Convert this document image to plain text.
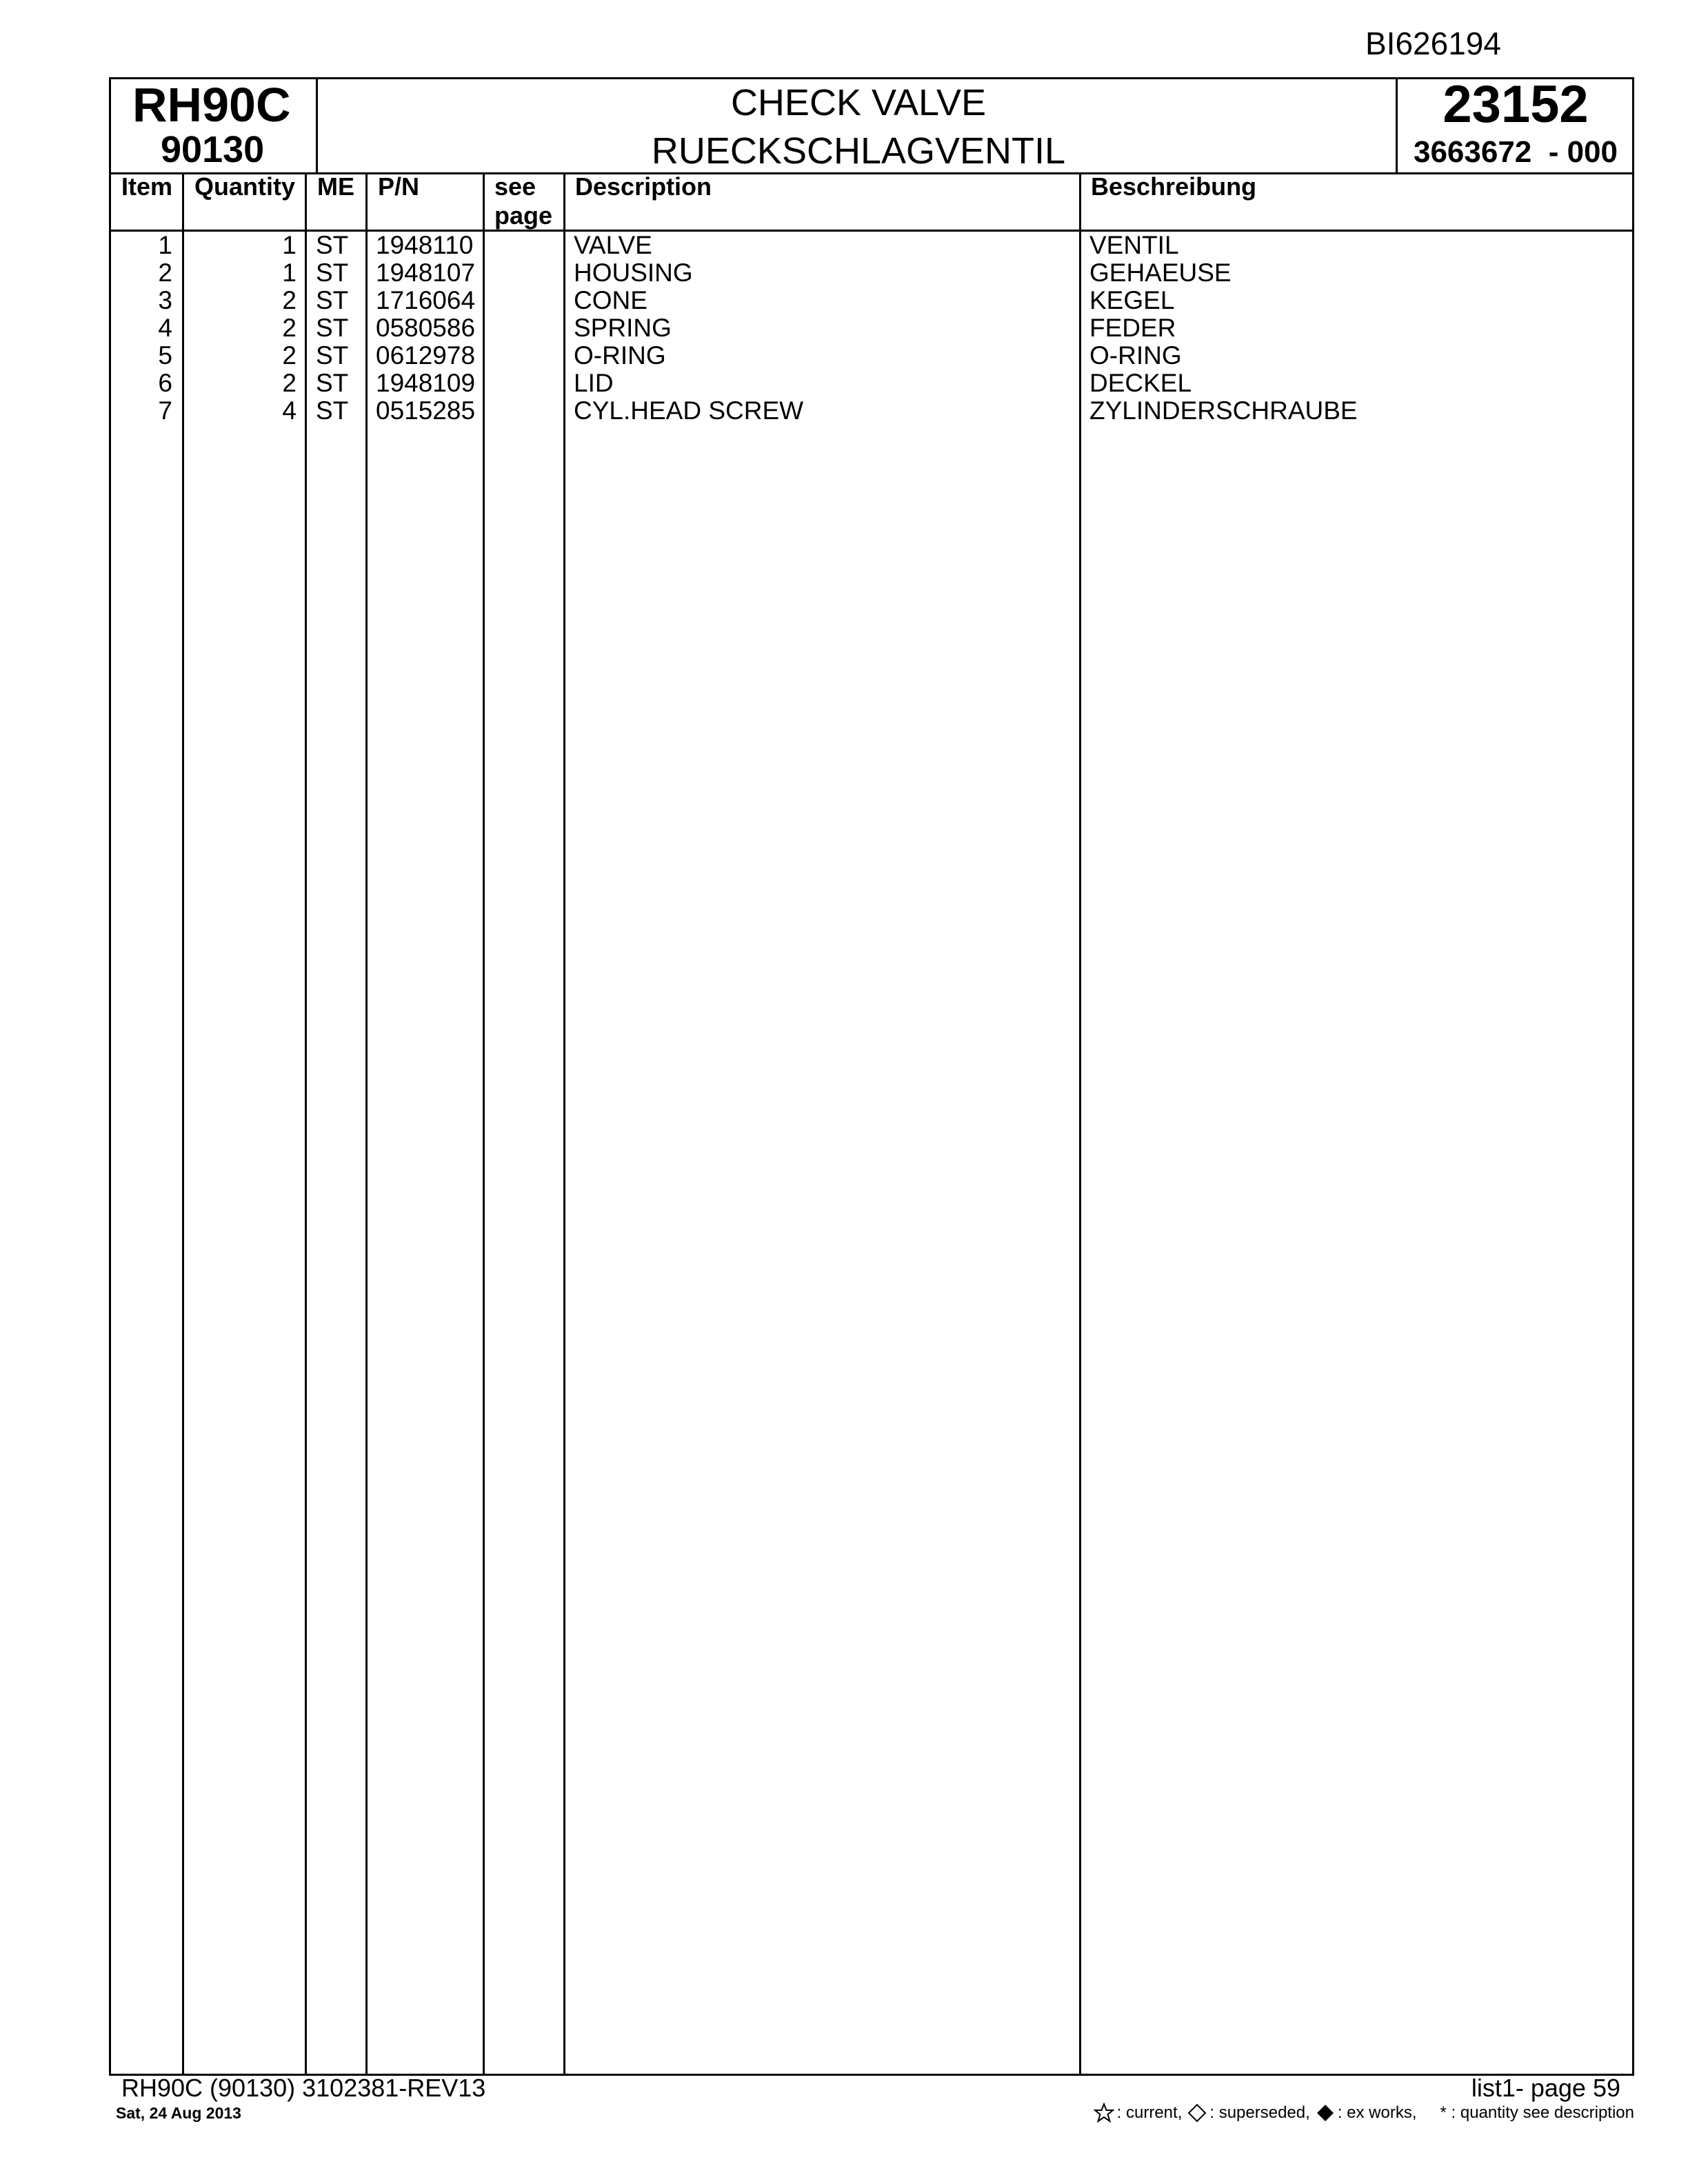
BI626194
RH90C
90130
CHECK VALVE
RUECKSCHLAGVENTIL
23152
3663672  - 000
Item Quantity ME P/N	see
page
Description	Beschreibung
1	1 ST 1948110	VALVE	VENTIL
2	1 ST 1948107	HOUSING	GEHAEUSE
3	2 ST 1716064	CONE	KEGEL
4	2 ST 0580586	SPRING	FEDER
5	2 ST 0612978	O-RING	O-RING
6	2 ST 1948109	LID	DECKEL
7	4 ST 0515285	CYL.HEAD SCREW	ZYLINDERSCHRAUBE
RH90C (90130) 3102381-REV13
Sat, 24 Aug 2013
list1- page 59
: current, : superseded, : ex works, * : quantity see description
